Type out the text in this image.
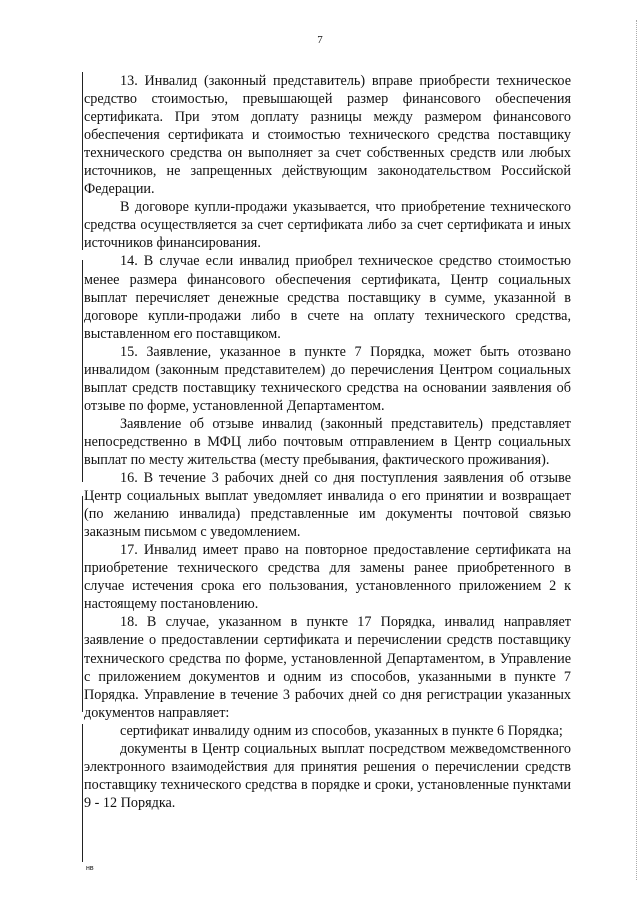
7

13. Инвалид (законный представитель) вправе приобрести техническое средство стоимостью, превышающей размер финансового обеспечения сертификата. При этом доплату разницы между размером финансового обеспечения сертификата и стоимостью технического средства поставщику технического средства он выполняет за счет собственных средств или любых источников, не запрещенных действующим законодательством Российской Федерации.

В договоре купли-продажи указывается, что приобретение технического средства осуществляется за счет сертификата либо за счет сертификата и иных источников финансирования.

14. В случае если инвалид приобрел техническое средство стоимостью менее размера финансового обеспечения сертификата, Центр социальных выплат перечисляет денежные средства поставщику в сумме, указанной в договоре купли-продажи либо в счете на оплату технического средства, выставленном его поставщиком.

15. Заявление, указанное в пункте 7 Порядка, может быть отозвано инвалидом (законным представителем) до перечисления Центром социальных выплат средств поставщику технического средства на основании заявления об отзыве по форме, установленной Департаментом.

Заявление об отзыве инвалид (законный представитель) представляет непосредственно в МФЦ либо почтовым отправлением в Центр социальных выплат по месту жительства (месту пребывания, фактического проживания).

16. В течение 3 рабочих дней со дня поступления заявления об отзыве Центр социальных выплат уведомляет инвалида о его принятии и возвращает (по желанию инвалида) представленные им документы почтовой связью заказным письмом с уведомлением.

17. Инвалид имеет право на повторное предоставление сертификата на приобретение технического средства для замены ранее приобретенного в случае истечения срока его пользования, установленного приложением 2 к настоящему постановлению.

18. В случае, указанном в пункте 17 Порядка, инвалид направляет заявление о предоставлении сертификата и перечислении средств поставщику технического средства по форме, установленной Департаментом, в Управление с приложением документов и одним из способов, указанными в пункте 7 Порядка. Управление в течение 3 рабочих дней со дня регистрации указанных документов направляет:

сертификат инвалиду одним из способов, указанных в пункте 6 Порядка;

документы в Центр социальных выплат посредством межведомственного электронного взаимодействия для принятия решения о перечислении средств поставщику технического средства в порядке и сроки, установленные пунктами 9 - 12 Порядка.

нв
